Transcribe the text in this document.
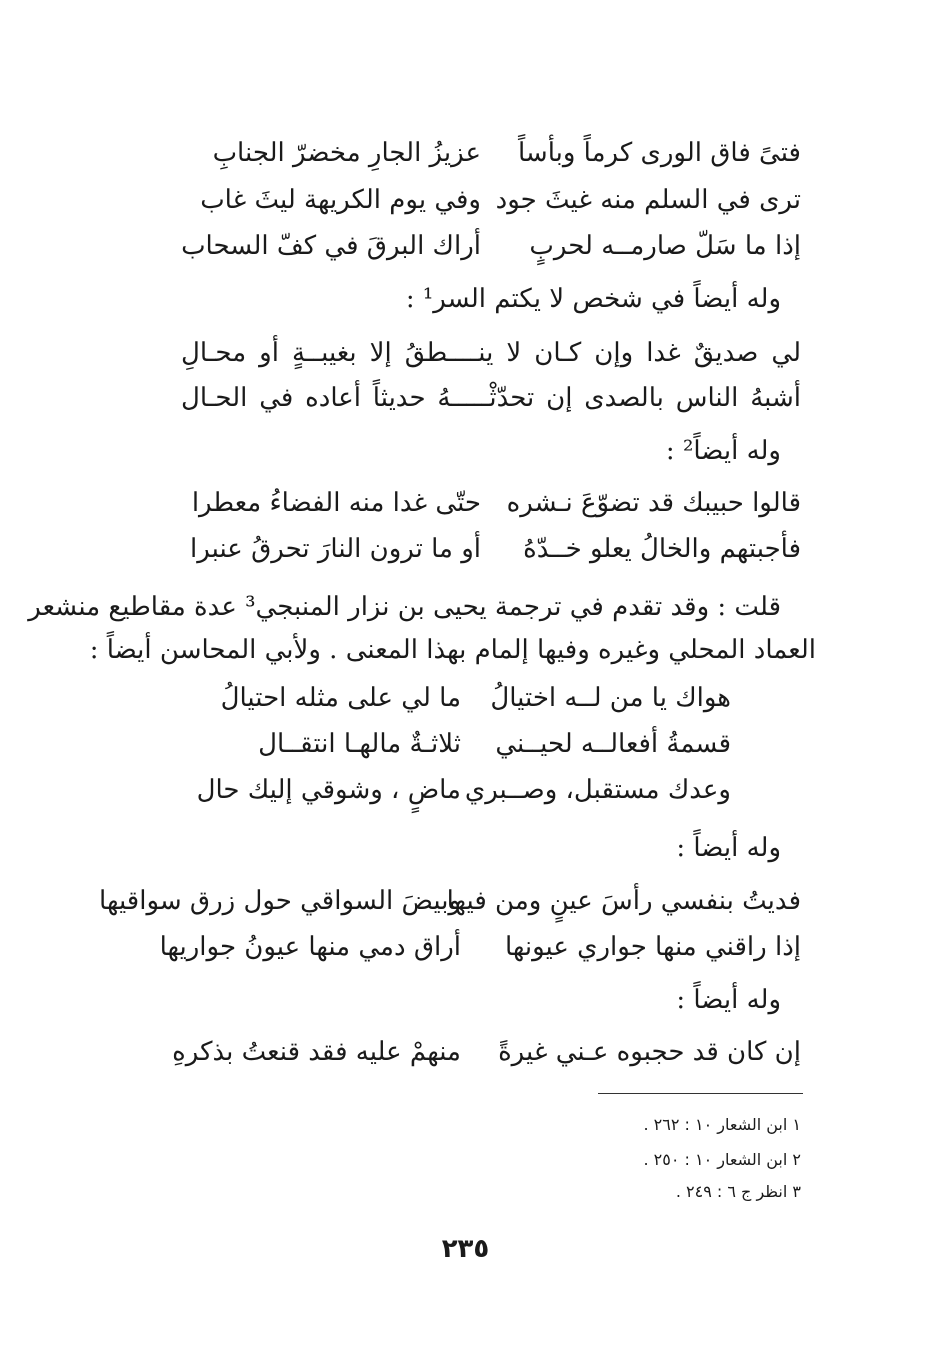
فتىً فاق الورى كرماً وبأساً
عزيزُ الجارِ مخضرّ الجنابِ
ترى في السلم منه غيثَ جود
وفي يوم الكريهة ليثَ غاب
إذا ما سَلّ صارمــه لحربٍ
أراك البرقَ في كفّ السحاب
وله أيضاً في شخص لا يكتم السر¹ :
لي صديقٌ غدا وإن كـان لا ينــــطقُ إلا بغيبــةٍ أو محـالِ
أشبهُ الناس بالصدى إن تحدّثْـــــهُ حديثاً أعاده في الحـال
وله أيضاً² :
قالوا حبيبك قد تضوّعَ نـشره
حتّى غدا منه الفضاءُ معطرا
فأجبتهم والخالُ يعلو خــدّهُ
أو ما ترون النارَ تحرقُ عنبرا
قلت : وقد تقدم في ترجمة يحيى بن نزار المنبجي³ عدة مقاطيع منشعر
العماد المحلي وغيره وفيها إلمام بهذا المعنى . ولأبي المحاسن أيضاً :
هواك يا من لــه اختيالُ
ما لي على مثله احتيالُ
قسمةُ أفعالــه لحيــني
ثلاثـةٌ مالهـا انتقــال
وعدك مستقبل، وصــبري
ماضٍ ، وشوقي إليك حال
وله أيضاً :
فديتُ بنفسي رأسَ عينٍ ومن فيها
وبيضَ السواقي حول زرق سواقيها
إذا راقني منها جواري عيونها
أراق دمي منها عيونُ جواريها
وله أيضاً :
إن كان قد حجبوه عـني غيرةً
منهمْ عليه فقد قنعتُ بذكرهِ
١ ابن الشعار ١٠ : ٢٦٢ .
٢ ابن الشعار ١٠ : ٢٥٠ .
٣ انظر ج ٦ : ٢٤٩ .
٢٣٥
